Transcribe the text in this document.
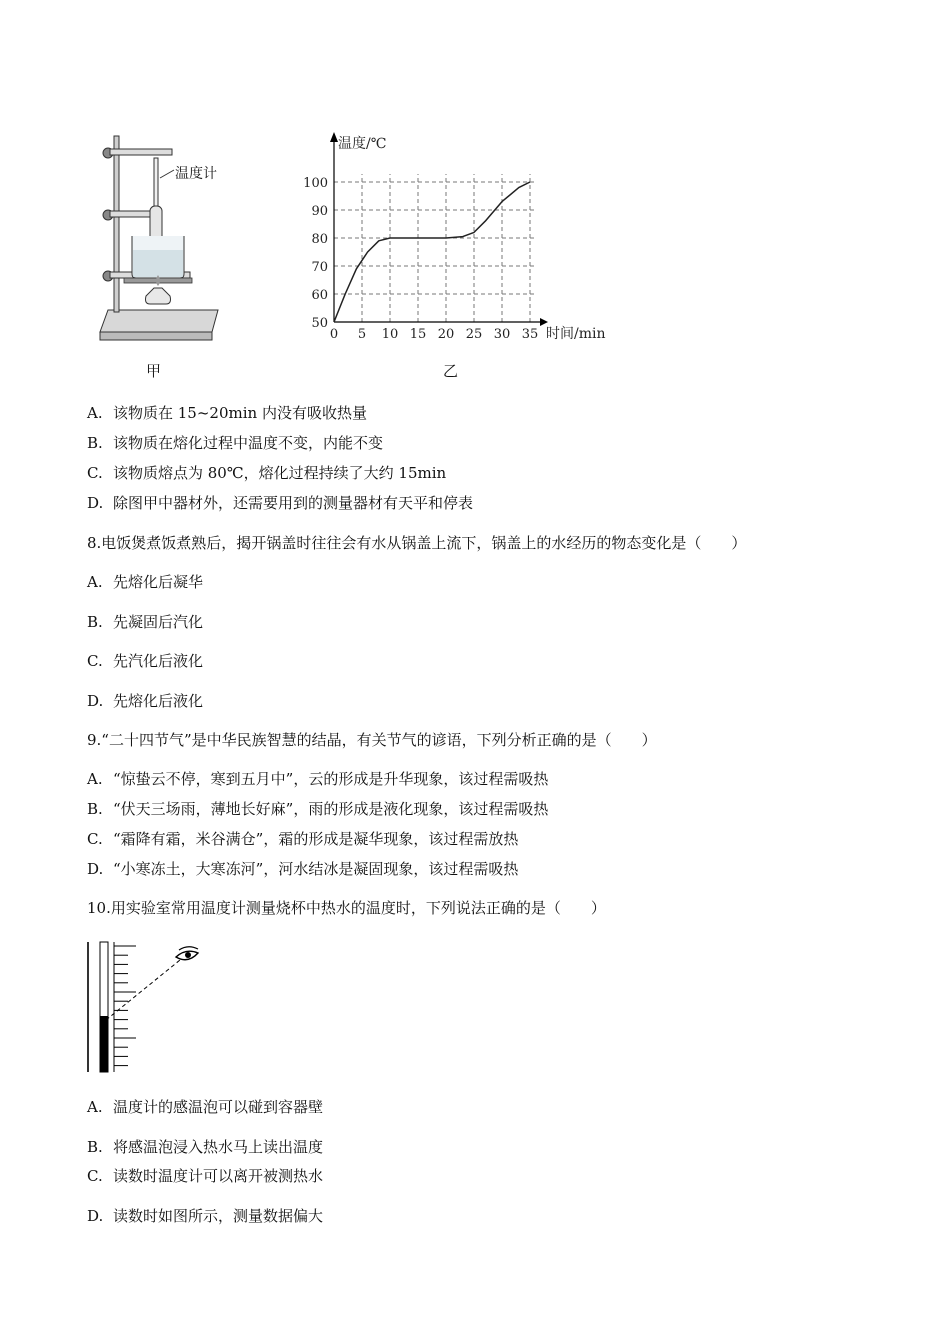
温度计
甲
0 5 10 15 20 25 30 35
50
60
70
80
90
100
温度/℃
时间/min
乙
A. 该物质在 15~20min 内没有吸收热量
B. 该物质在熔化过程中温度不变，内能不变
C. 该物质熔点为 80℃，熔化过程持续了大约 15min
D. 除图甲中器材外，还需要用到的测量器材有天平和停表
8.电饭煲煮饭煮熟后，揭开锅盖时往往会有水从锅盖上流下，锅盖上的水经历的物态变化是（　　）
A. 先熔化后凝华
B. 先凝固后汽化
C. 先汽化后液化
D. 先熔化后液化
9.“二十四节气”是中华民族智慧的结晶，有关节气的谚语，下列分析正确的是（　　）
A. “惊蛰云不停，寒到五月中”，云的形成是升华现象，该过程需吸热
B. “伏天三场雨，薄地长好麻”，雨的形成是液化现象，该过程需吸热
C. “霜降有霜，米谷满仓”，霜的形成是凝华现象，该过程需放热
D. “小寒冻土，大寒冻河”，河水结冰是凝固现象，该过程需吸热
10.用实验室常用温度计测量烧杯中热水的温度时，下列说法正确的是（　　）
A. 温度计的感温泡可以碰到容器壁
B. 将感温泡浸入热水马上读出温度
C. 读数时温度计可以离开被测热水
D. 读数时如图所示，测量数据偏大
